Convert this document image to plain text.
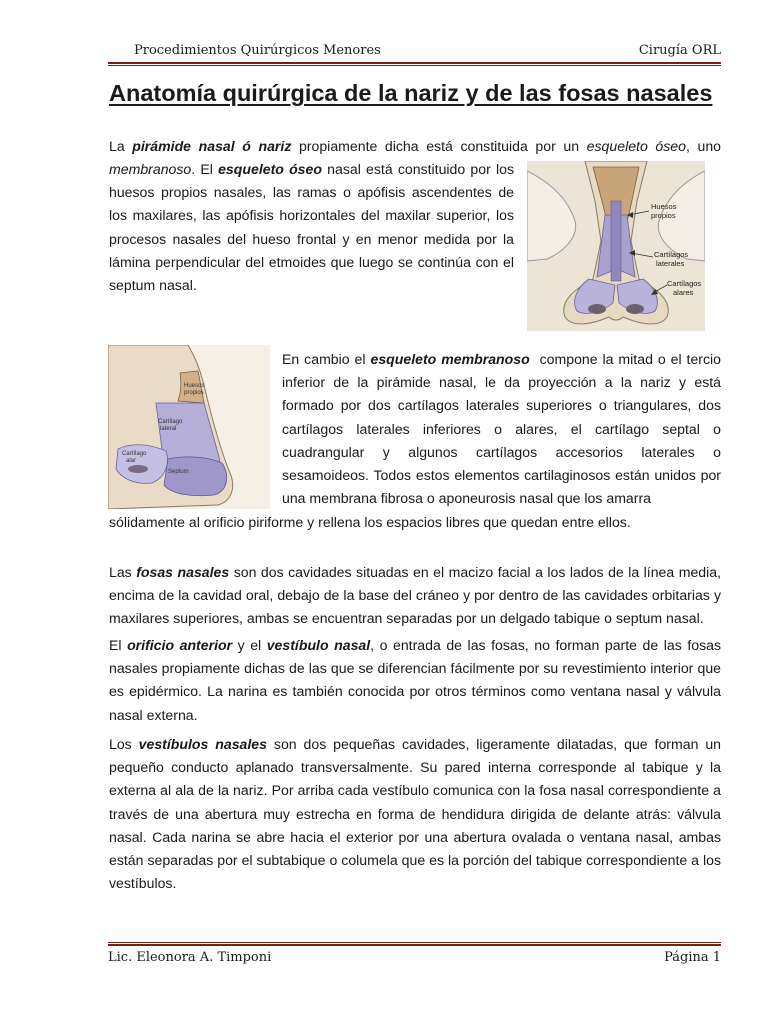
Procedimientos Quirúrgicos Menores	Cirugía ORL
Anatomía quirúrgica de la nariz y de las fosas nasales

La pirámide nasal ó nariz propiamente dicha está constituida por un esqueleto óseo, uno

membranoso. El esqueleto óseo nasal está constituido por los huesos propios nasales, las ramas o apófisis ascendentes de los maxilares, las apófisis horizontales del maxilar superior, los procesos nasales del hueso frontal y en menor medida por la lámina perpendicular del etmoides que luego se continúa con el septum nasal.

Huesos
propios
Cartílagos
laterales
Cartílagos
alares
Huesos
propios
Cartílago
lateral
Cartílago
alar
Septum

En cambio el esqueleto membranoso  compone la mitad o el tercio inferior de la pirámide nasal, le da proyección a la nariz y está formado por dos cartílagos laterales superiores o triangulares, dos cartílagos laterales inferiores o alares, el cartílago septal o cuadrangular y algunos cartílagos accesorios laterales o sesamoideos. Todos estos elementos cartilaginosos están unidos por una membrana fibrosa o aponeurosis nasal que los amarra

sólidamente al orificio piriforme y rellena los espacios libres que quedan entre ellos.

Las fosas nasales son dos cavidades situadas en el macizo facial a los lados de la línea media, encima de la cavidad oral, debajo de la base del cráneo y por dentro de las cavidades orbitarias y maxilares superiores, ambas se encuentran separadas por un delgado tabique o septum nasal.

El orificio anterior y el vestíbulo nasal, o entrada de las fosas, no forman parte de las fosas nasales propiamente dichas de las que se diferencian fácilmente por su revestimiento interior que es epidérmico. La narina es también conocida por otros términos como ventana nasal y válvula nasal externa.

Los vestíbulos nasales son dos pequeñas cavidades, ligeramente dilatadas, que forman un pequeño conducto aplanado transversalmente. Su pared interna corresponde al tabique y la externa al ala de la nariz. Por arriba cada vestíbulo comunica con la fosa nasal correspondiente a través de una abertura muy estrecha en forma de hendidura dirigida de delante atrás: válvula nasal. Cada narina se abre hacia el exterior por una abertura ovalada o ventana nasal, ambas están separadas por el subtabique o columela que es la porción del tabique correspondiente a los vestíbulos.

Lic. Eleonora A. Timponi	Página 1
